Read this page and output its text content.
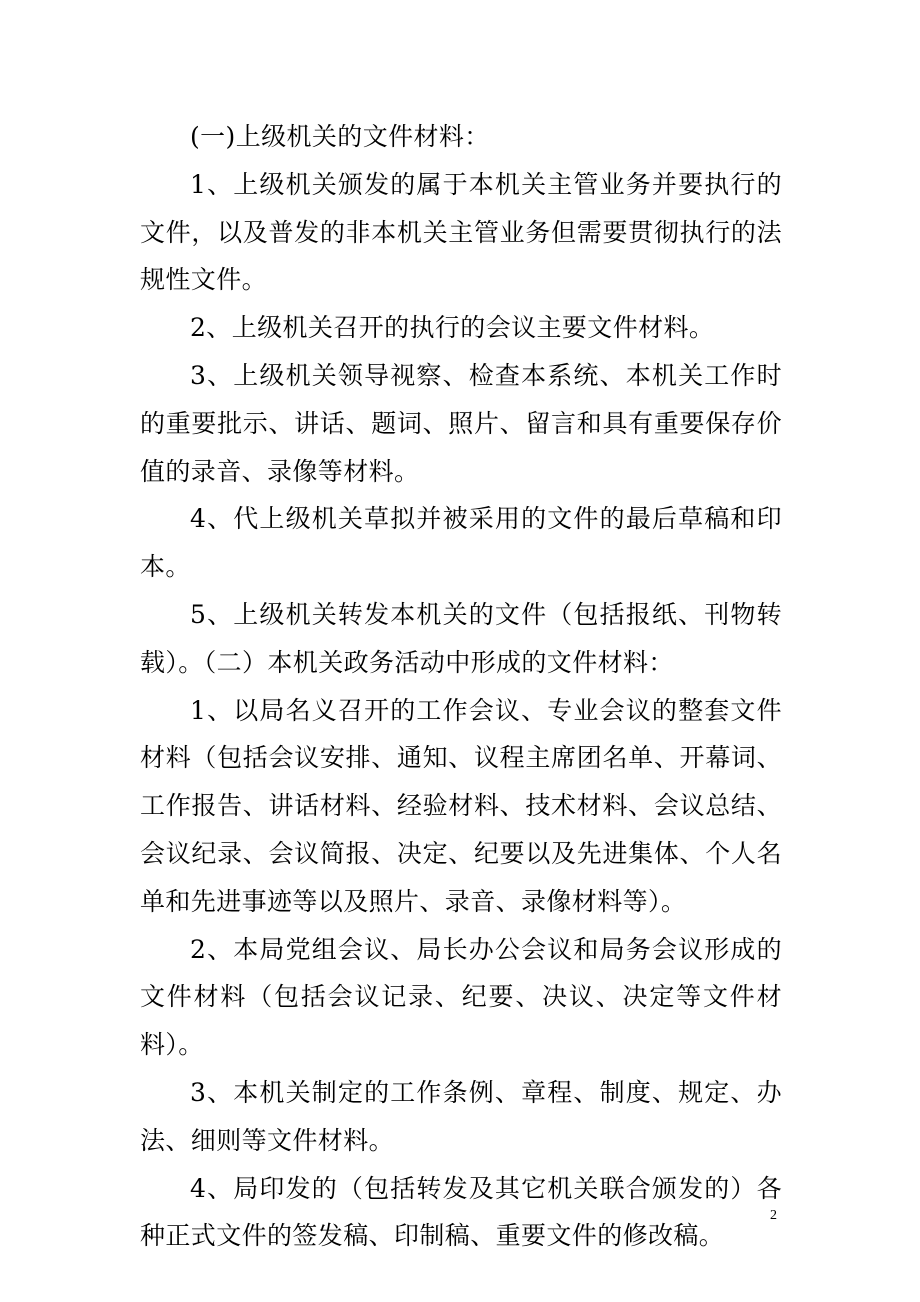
(一)上级机关的文件材料：

1、上级机关颁发的属于本机关主管业务并要执行的文件，以及普发的非本机关主管业务但需要贯彻执行的法规性文件。

2、上级机关召开的执行的会议主要文件材料。

3、上级机关领导视察、检查本系统、本机关工作时的重要批示、讲话、题词、照片、留言和具有重要保存价值的录音、录像等材料。

4、代上级机关草拟并被采用的文件的最后草稿和印本。

5、上级机关转发本机关的文件（包括报纸、刊物转载）。（二）本机关政务活动中形成的文件材料：

1、以局名义召开的工作会议、专业会议的整套文件材料（包括会议安排、通知、议程主席团名单、开幕词、工作报告、讲话材料、经验材料、技术材料、会议总结、会议纪录、会议简报、决定、纪要以及先进集体、个人名单和先进事迹等以及照片、录音、录像材料等）。

2、本局党组会议、局长办公会议和局务会议形成的文件材料（包括会议记录、纪要、决议、决定等文件材料）。

3、本机关制定的工作条例、章程、制度、规定、办法、细则等文件材料。

4、局印发的（包括转发及其它机关联合颁发的）各种正式文件的签发稿、印制稿、重要文件的修改稿。

2
